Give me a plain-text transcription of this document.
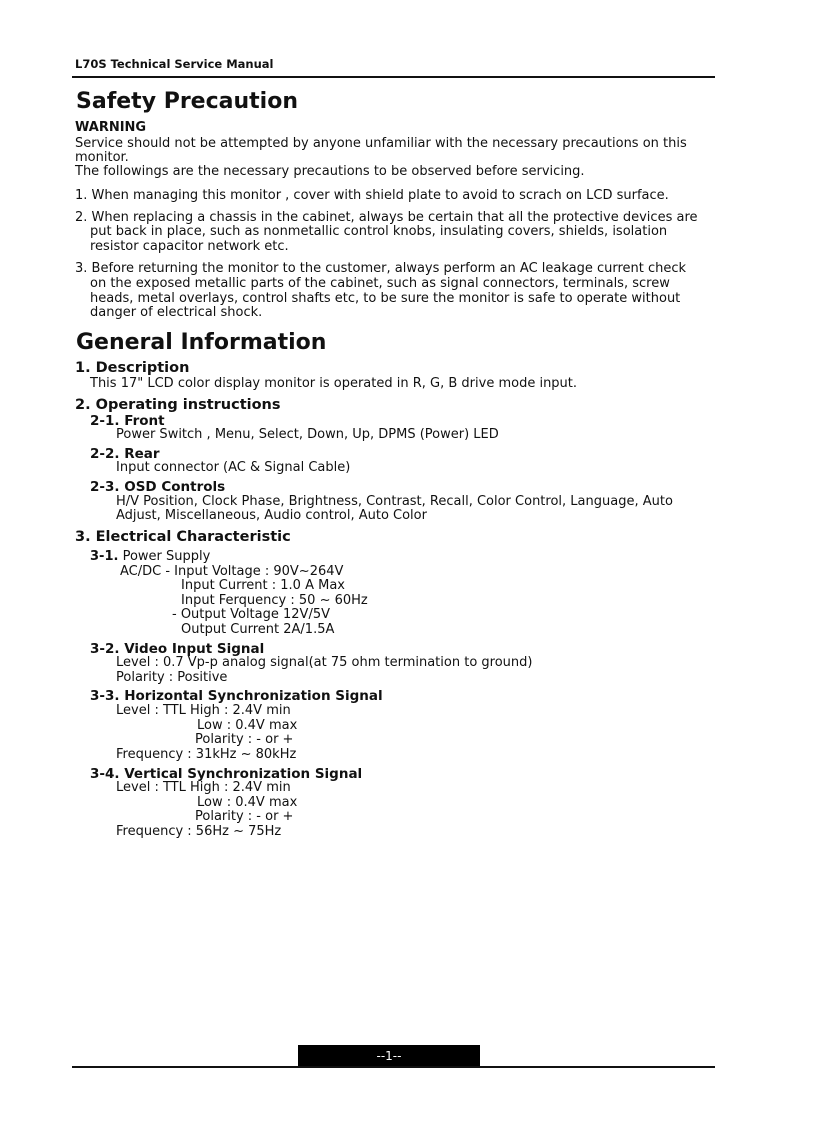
L70S Technical Service Manual
Safety Precaution
WARNING
Service should not be attempted by anyone unfamiliar with the necessary precautions on this
monitor.
The followings are the necessary precautions to be observed before servicing.
1. When managing this monitor , cover with shield plate to avoid to scrach on LCD surface.
2. When replacing a chassis in the cabinet, always be certain that all the protective devices are
put back in place, such as nonmetallic control knobs, insulating covers, shields, isolation
resistor capacitor network etc.
3. Before returning the monitor to the customer, always perform an AC leakage current check
on the exposed metallic parts of the cabinet, such as signal connectors, terminals, screw
heads, metal overlays, control shafts etc, to be sure the monitor is safe to operate without
danger of electrical shock.
General Information
1. Description
This 17" LCD color display monitor is operated in R, G, B drive mode input.
2. Operating instructions
2-1. Front
Power Switch , Menu, Select, Down, Up, DPMS (Power) LED
2-2. Rear
Input connector (AC & Signal Cable)
2-3. OSD Controls
H/V Position, Clock Phase, Brightness, Contrast, Recall, Color Control, Language, Auto
Adjust, Miscellaneous, Audio control, Auto Color
3. Electrical Characteristic
3-1. Power Supply
AC/DC - Input Voltage : 90V~264V
Input Current : 1.0 A Max
Input Ferquency : 50 ~ 60Hz
- Output Voltage 12V/5V
Output Current 2A/1.5A
3-2. Video Input Signal
Level : 0.7 Vp-p analog signal(at 75 ohm termination to ground)
Polarity : Positive
3-3. Horizontal Synchronization Signal
Level : TTL High : 2.4V min
Low : 0.4V max
Polarity : - or +
Frequency : 31kHz ~ 80kHz
3-4. Vertical Synchronization Signal
Level : TTL High : 2.4V min
Low : 0.4V max
Polarity : - or +
Frequency : 56Hz ~ 75Hz
--1--
